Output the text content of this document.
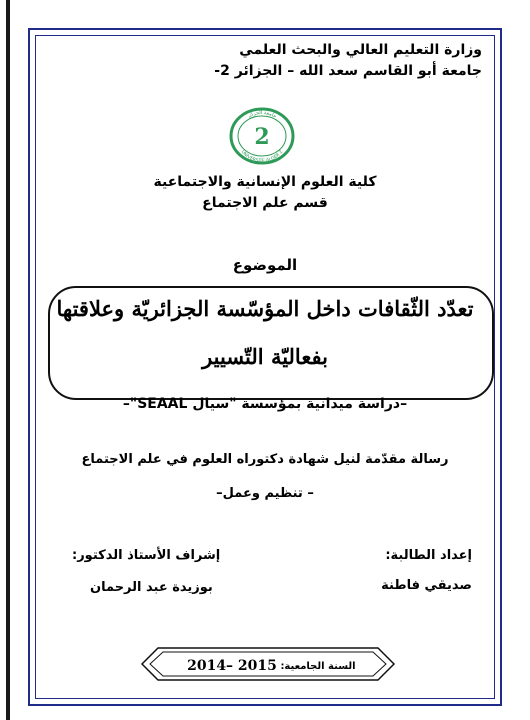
وزارة التعليم العالي والبحث العلمي
جامعة أبو القاسم سعد الله – الجزائر 2-
جامعة الجزائر
UNIVERSITE ALGER 2
2
كلية العلوم الإنسانية والاجتماعية
قسم علم الاجتماع
الموضوع
تعدّد الثّقافات داخل المؤسّسة الجزائريّة وعلاقتها
بفعاليّة التّسيير
–دراسة ميدانية بمؤسسة "سيال SEAAL"–
رسالة مقدّمة لنيل شهادة دكتوراه العلوم في علم الاجتماع
– تنظيم وعمل–
إعداد الطالبة:
صديقي فاطنة
إشراف الأستاذ الدكتور:
بوزيدة عبد الرحمان
السنة الجامعية:
2014– 2015
